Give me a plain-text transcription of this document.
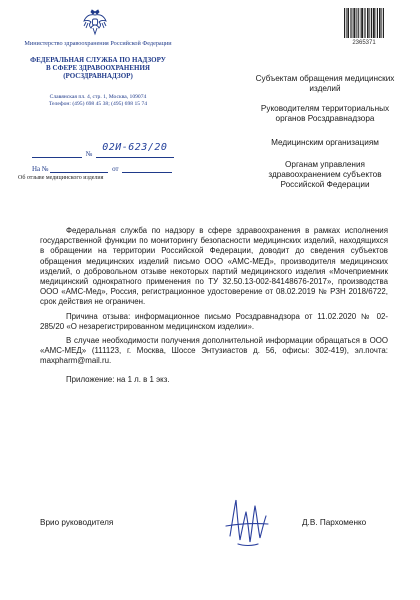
Министерство здравоохранения Российской Федерации
ФЕДЕРАЛЬНАЯ СЛУЖБА ПО НАДЗОРУ
В СФЕРЕ ЗДРАВООХРАНЕНИЯ
(РОСЗДРАВНАДЗОР)
Славянская пл. 4, стр. 1, Москва, 109074
Телефон: (495) 698 45 38; (495) 698 15 74
№
02И-623/20
На №	от
Об отзыве медицинского изделия
2365371
Субъектам обращения медицинских изделий
Руководителям территориальных органов Росздравнадзора
Медицинским организациям
Органам управления здравоохранением субъектов Российской Федерации

Федеральная служба по надзору в сфере здравоохранения в рамках исполнения государственной функции по мониторингу безопасности медицинских изделий, находящихся в обращении на территории Российской Федерации, доводит до сведения субъектов обращения медицинских изделий письмо ООО «АМС-МЕД», производителя медицинских изделий, о добровольном отзыве некоторых партий медицинского изделия «Мочеприемник медицинский однократного применения по ТУ 32.50.13-002-84148676-2017», производства ООО «АМС-Мед», Россия, регистрационное удостоверение от 08.02.2019 № РЗН 2018/6722, срок действия не ограничен.

Причина отзыва: информационное письмо Росздравнадзора от 11.02.2020 № 02-285/20 «О незарегистрированном медицинском изделии».

В случае необходимости получения дополнительной информации обращаться в ООО «АМС-МЕД» (111123, г. Москва, Шоссе Энтузиастов д. 56, офисы: 302-419), эл.почта: maxpharm@mail.ru.

Приложение: на 1 л. в 1 экз.

Врио руководителя	Д.В. Пархоменко
